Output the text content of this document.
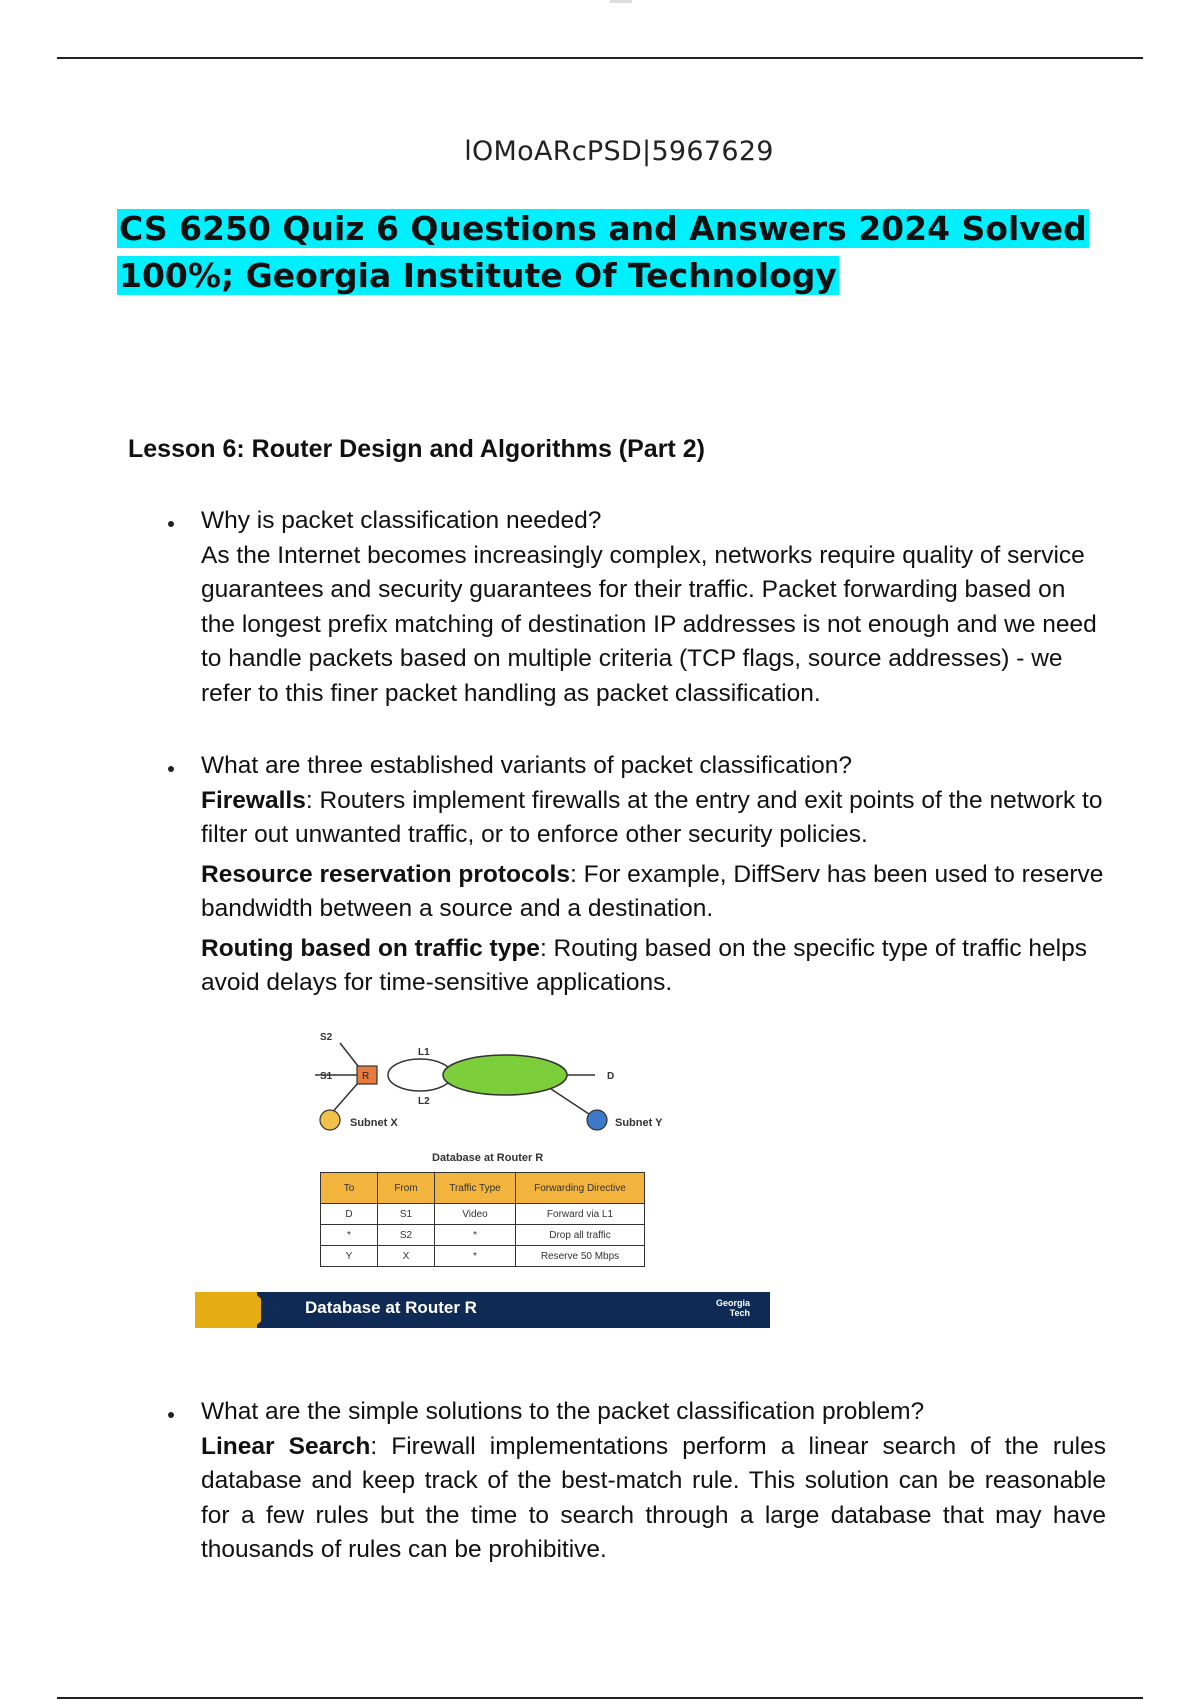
lOMoARcPSD|5967629
CS 6250 Quiz 6 Questions and Answers 2024 Solved
100%; Georgia Institute Of Technology
Lesson 6: Router Design and Algorithms (Part 2)

Why is packet classification needed?

As the Internet becomes increasingly complex, networks require quality of service guarantees and security guarantees for their traffic. Packet forwarding based on the longest prefix matching of destination IP addresses is not enough and we need to handle packets based on multiple criteria (TCP flags, source addresses) - we refer to this finer packet handling as packet classification.

What are three established variants of packet classification?

Firewalls: Routers implement firewalls at the entry and exit points of the network to filter out unwanted traffic, or to enforce other security policies.

Resource reservation protocols: For example, DiffServ has been used to reserve bandwidth between a source and a destination.

Routing based on traffic type: Routing based on the specific type of traffic helps avoid delays for time-sensitive applications.

R
S2
S1
L1
L2
D
Subnet X	Subnet Y
Database at Router R
To	From	Traffic Type	Forwarding Directive
D	S1	Video	Forward via L1
*	S2	*	Drop all traffic
Y	X	*	Reserve 50 Mbps
Database at Router R	Georgia
Tech

What are the simple solutions to the packet classification problem?

Linear Search: Firewall implementations perform a linear search of the rules database and keep track of the best-match rule. This solution can be reasonable for a few rules but the time to search through a large database that may have thousands of rules can be prohibitive.
